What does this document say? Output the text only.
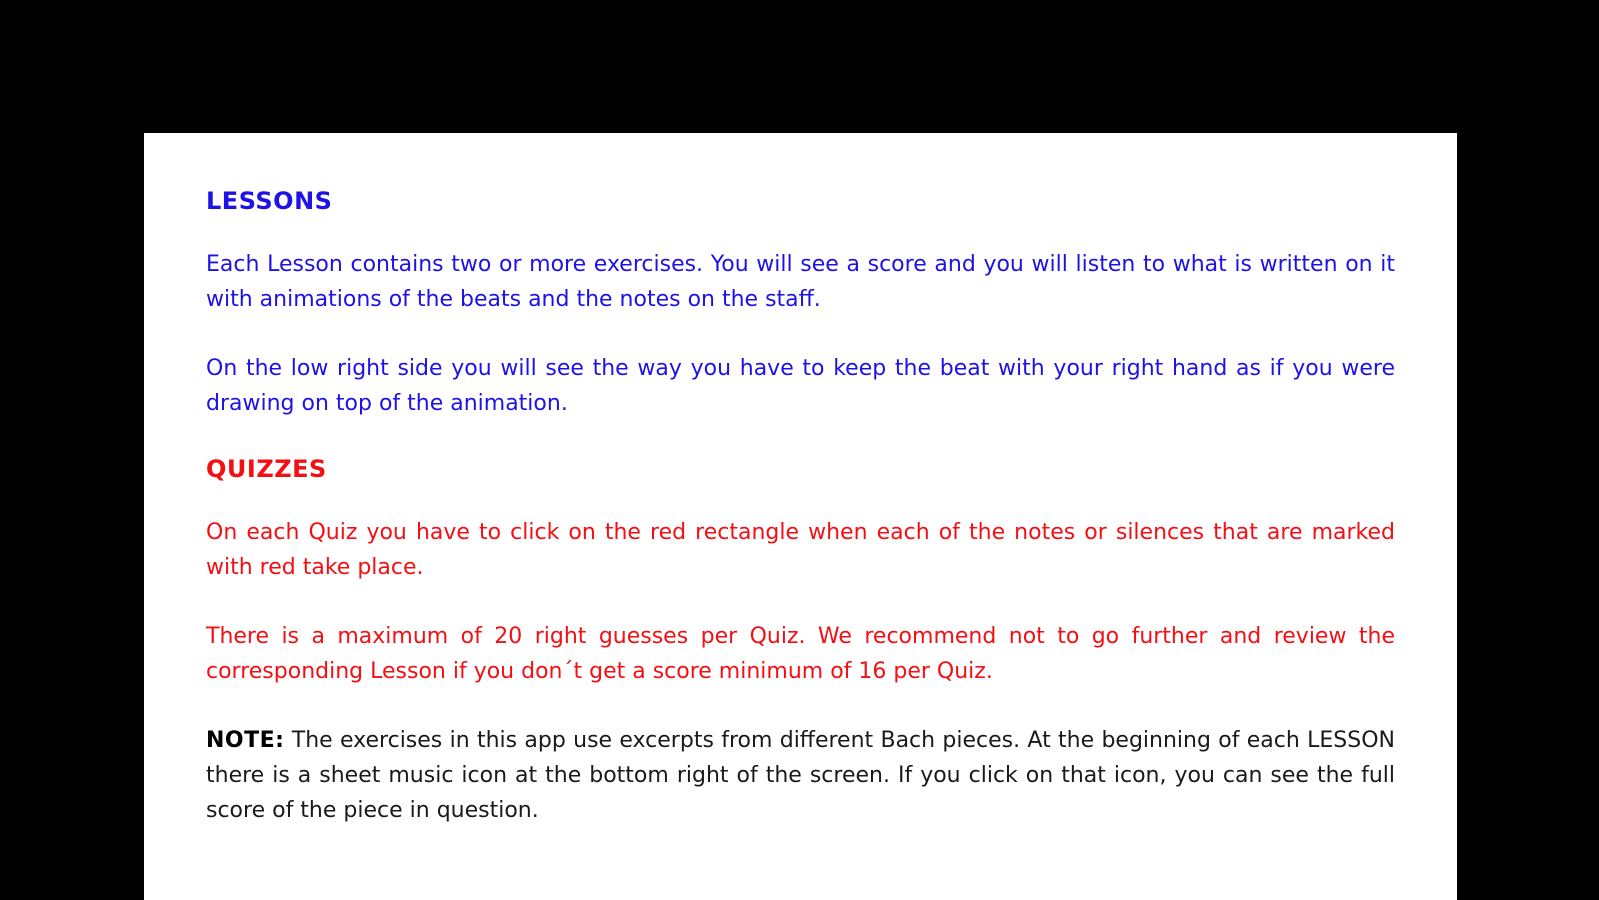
LESSONS

Each Lesson contains two or more exercises. You will see a score and you will listen to what is written on it with animations of the beats and the notes on the staff.

On the low right side you will see the way you have to keep the beat with your right hand as if you were drawing on top of the animation.

QUIZZES

On each Quiz you have to click on the red rectangle when each of the notes or silences that are marked with red take place.

There is a maximum of 20 right guesses per Quiz. We recommend not to go further and review the corresponding Lesson if you don´t get a score minimum of 16 per Quiz.

NOTE: The exercises in this app use excerpts from different Bach pieces. At the beginning of each LESSON there is a sheet music icon at the bottom right of the screen. If you click on that icon, you can see the full score of the piece in question.
